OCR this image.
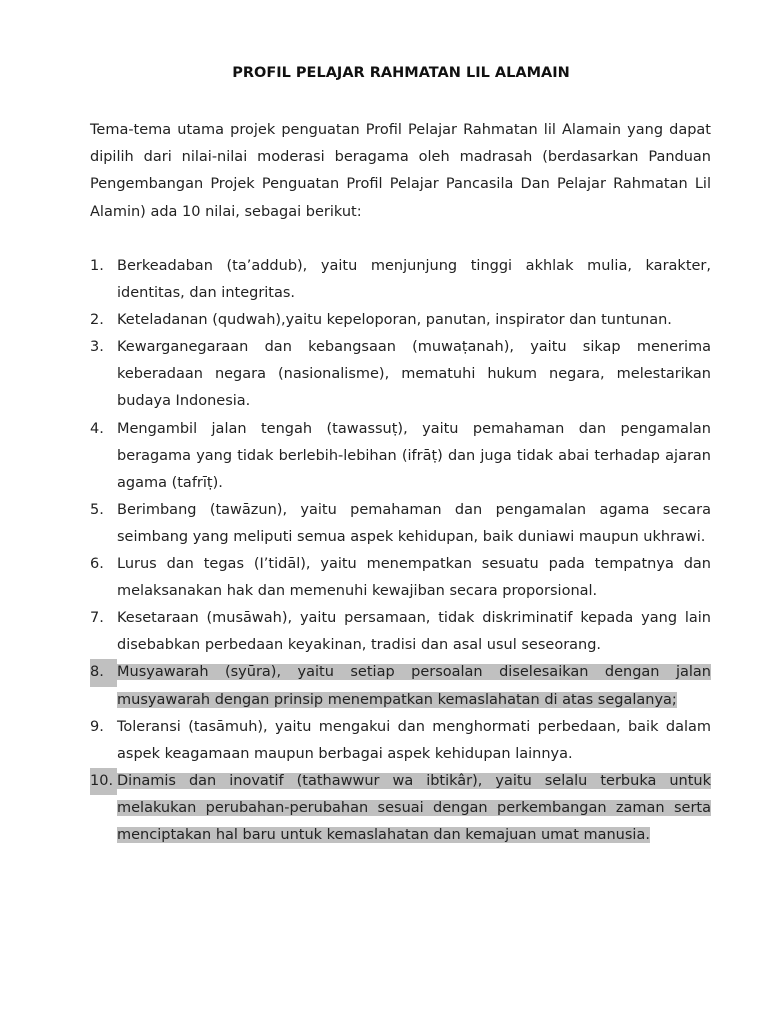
PROFIL PELAJAR RAHMATAN LIL ALAMAIN

Tema-tema utama projek penguatan Profil Pelajar Rahmatan lil Alamain yang dapat dipilih dari nilai-nilai moderasi beragama oleh madrasah (berdasarkan Panduan Pengembangan Projek Penguatan Profil Pelajar Pancasila Dan Pelajar Rahmatan Lil Alamin) ada 10 nilai, sebagai berikut:

1. Berkeadaban (ta’addub), yaitu menjunjung tinggi akhlak mulia, karakter, identitas, dan integritas.
2. Keteladanan (qudwah),yaitu kepeloporan, panutan, inspirator dan tuntunan.
3. Kewarganegaraan dan kebangsaan (muwaṭanah), yaitu sikap menerima keberadaan negara (nasionalisme), mematuhi hukum negara, melestarikan budaya Indonesia.
4. Mengambil jalan tengah (tawassuṭ), yaitu pemahaman dan pengamalan beragama yang tidak berlebih-lebihan (ifrāṭ) dan juga tidak abai terhadap ajaran agama (tafrīṭ).
5. Berimbang (tawāzun), yaitu pemahaman dan pengamalan agama secara seimbang yang meliputi semua aspek kehidupan, baik duniawi maupun ukhrawi.
6. Lurus dan tegas (I’tidāl), yaitu menempatkan sesuatu pada tempatnya dan melaksanakan hak dan memenuhi kewajiban secara proporsional.
7. Kesetaraan (musāwah), yaitu persamaan, tidak diskriminatif kepada yang lain disebabkan perbedaan keyakinan, tradisi dan asal usul seseorang.
8. Musyawarah (syūra), yaitu setiap persoalan diselesaikan dengan jalan musyawarah dengan prinsip menempatkan kemaslahatan di atas segalanya;
9. Toleransi (tasāmuh), yaitu mengakui dan menghormati perbedaan, baik dalam aspek keagamaan maupun berbagai aspek kehidupan lainnya.
10. Dinamis dan inovatif (tathawwur wa ibtikâr), yaitu selalu terbuka untuk melakukan perubahan-perubahan sesuai dengan perkembangan zaman serta menciptakan hal baru untuk kemaslahatan dan kemajuan umat manusia.
